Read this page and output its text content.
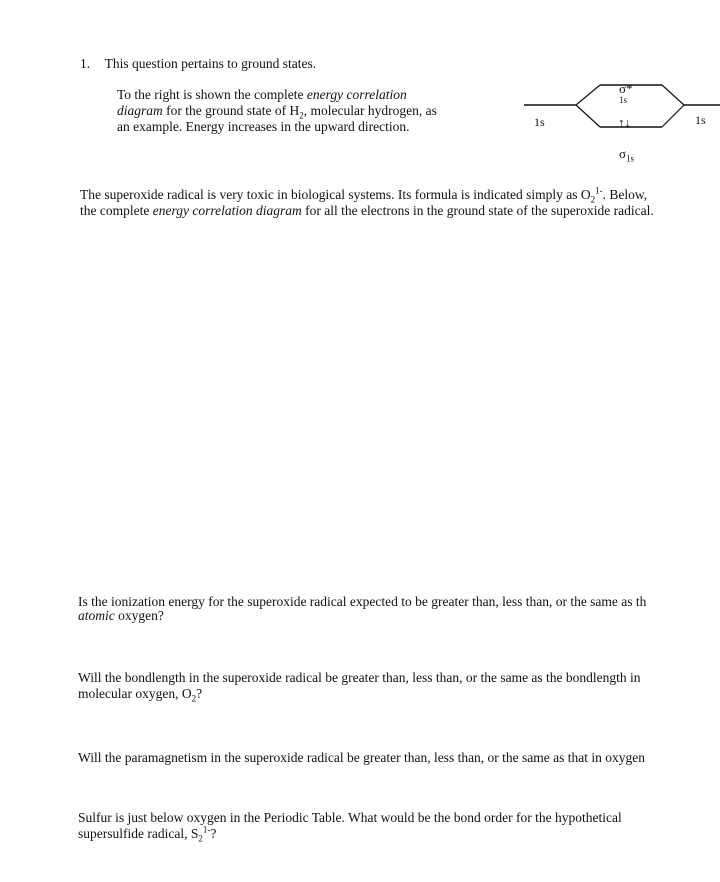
1. This question pertains to ground states.
To the right is shown the complete energy correlation diagram for the ground state of $H_2$, molecular hydrogen, as an example. Energy increases in the upward direction.	1s	1s
σ*
1s
↑↓
$\sigma_{1s}$
The superoxide radical is very toxic in biological systems. Its formula is indicated simply as $O_2^{1-}$. Below,
the complete energy correlation diagram for all the electrons in the ground state of the superoxide radical.
Is the ionization energy for the superoxide radical expected to be greater than, less than, or the same as th
atomic oxygen?
Will the bondlength in the superoxide radical be greater than, less than, or the same as the bondlength in
molecular oxygen, $O_2$?
Will the paramagnetism in the superoxide radical be greater than, less than, or the same as that in oxygen
Sulfur is just below oxygen in the Periodic Table. What would be the bond order for the hypothetical
supersulfide radical, $S_2^{1-}$?
